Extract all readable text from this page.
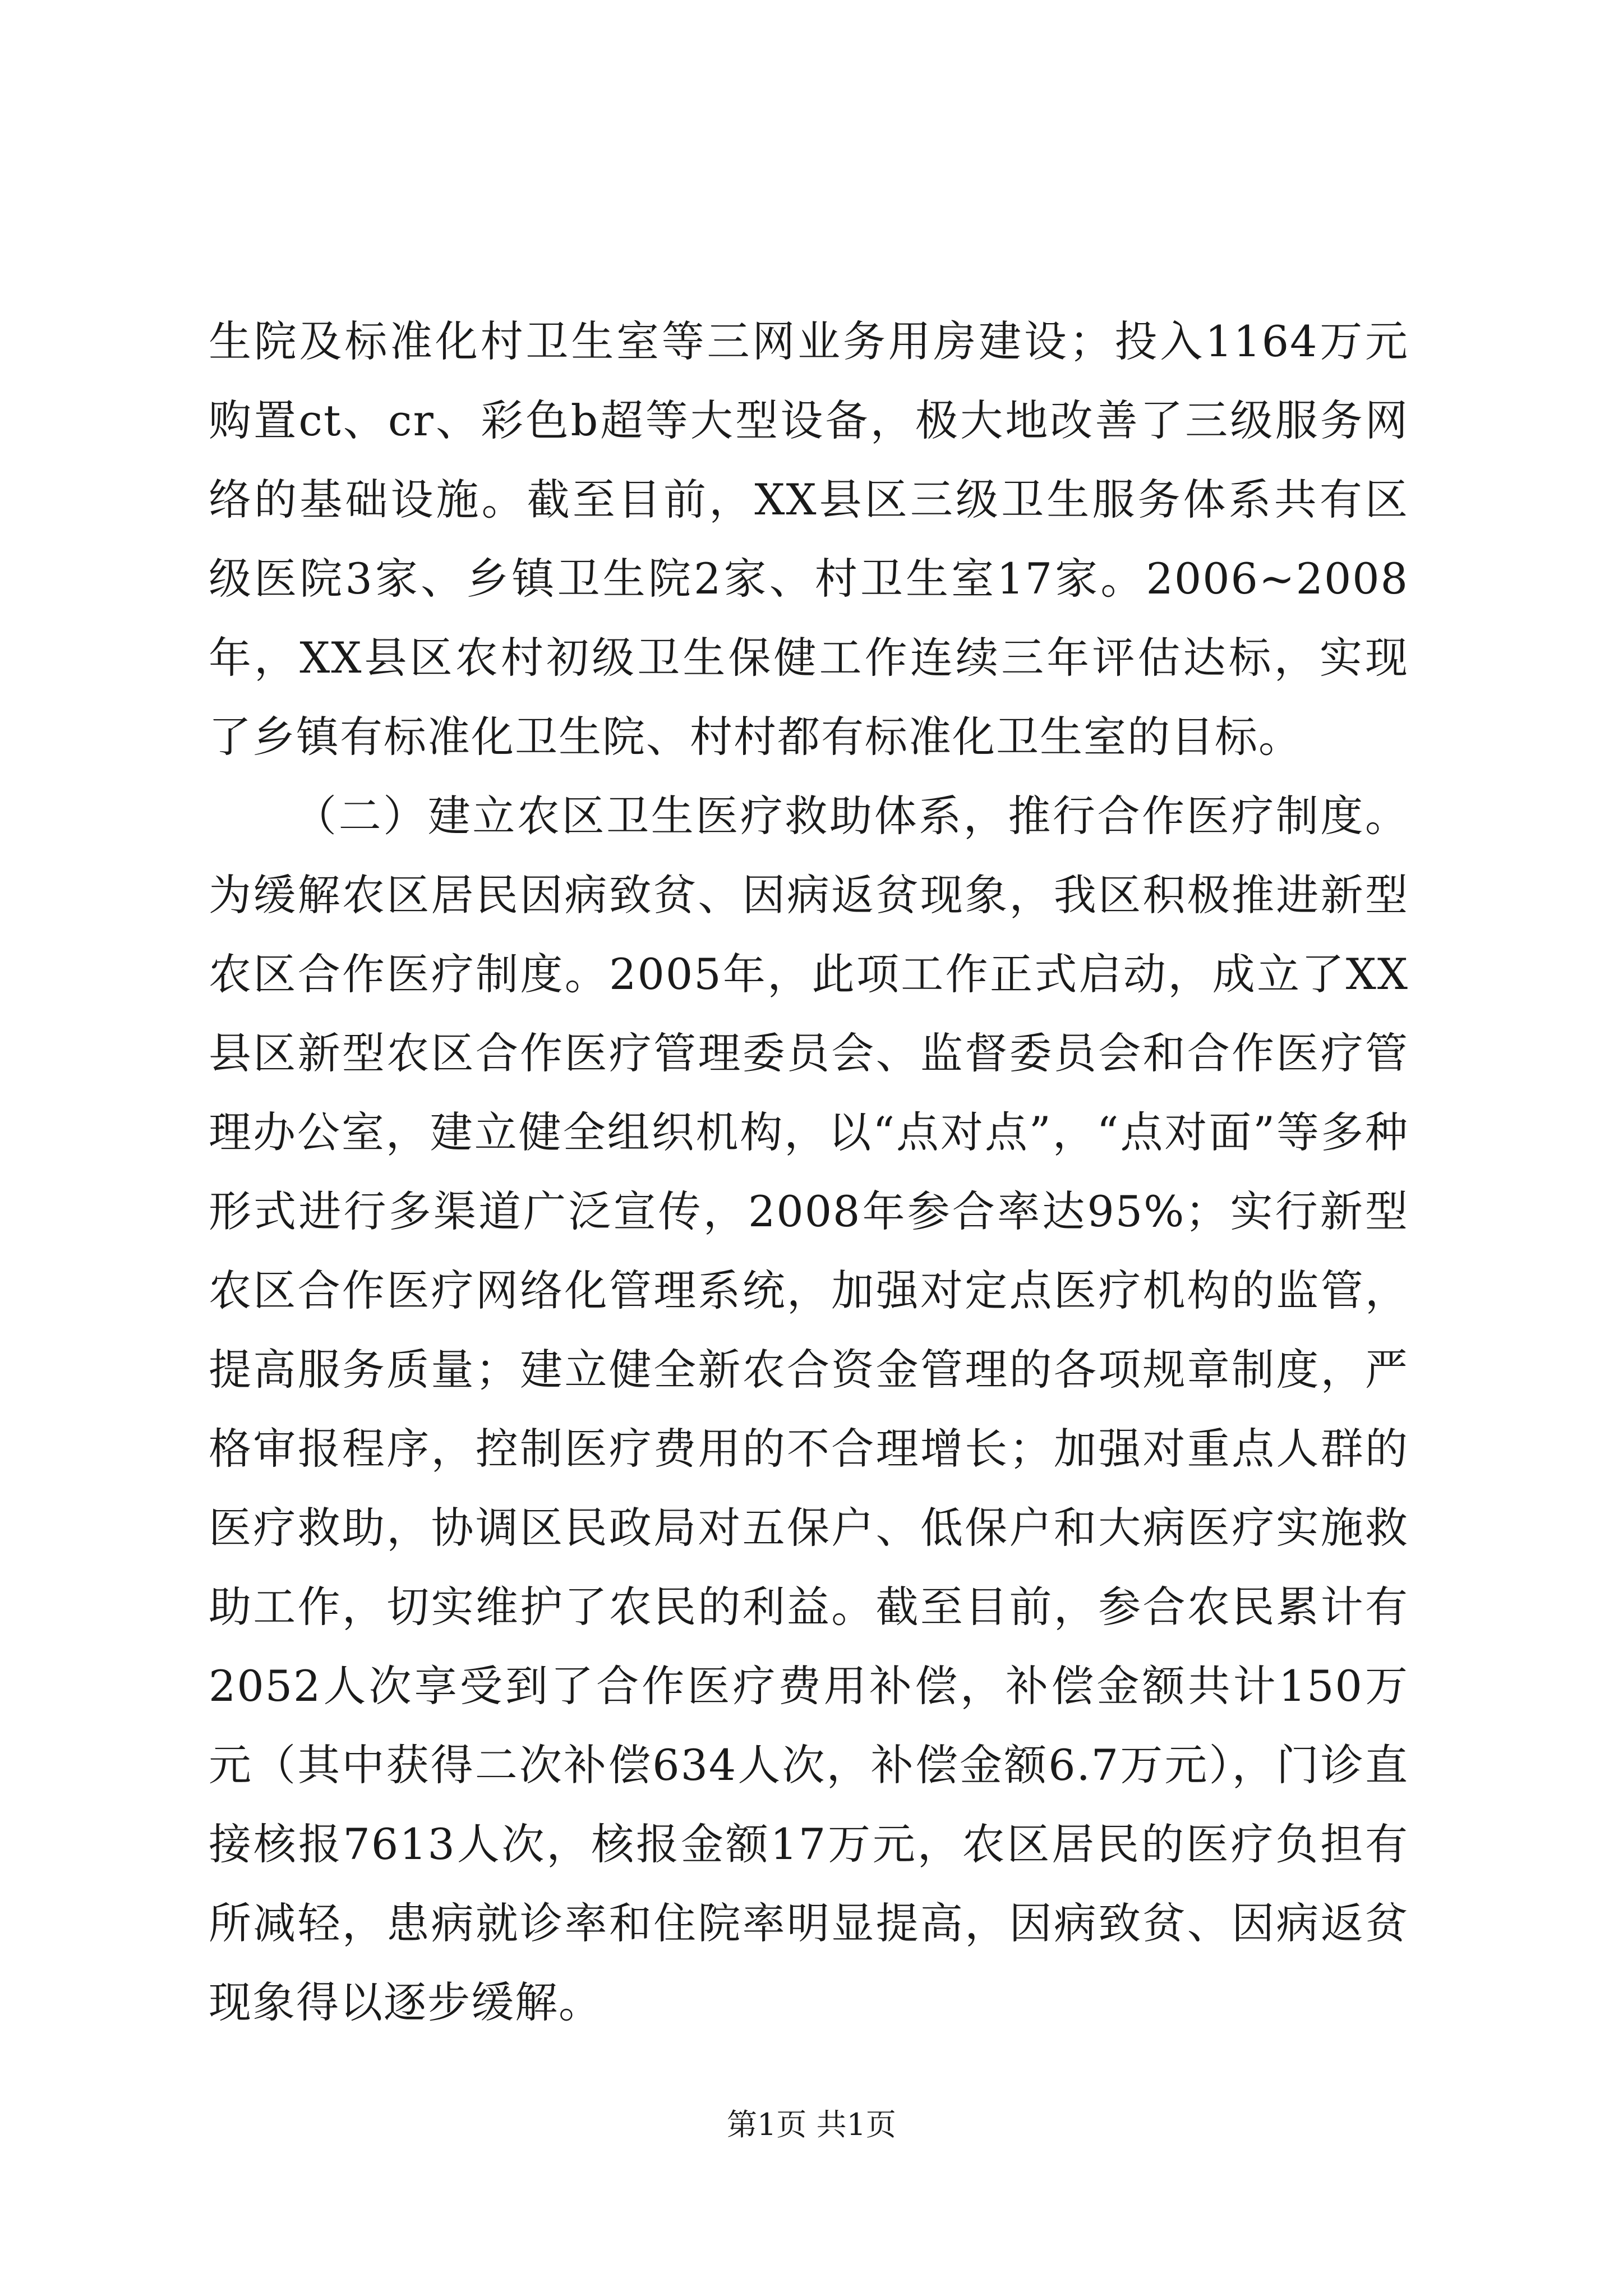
生院及标准化村卫生室等三网业务用房建设；投入1164万元购置ct、cr、彩色b超等大型设备，极大地改善了三级服务网络的基础设施。截至目前，XX县区三级卫生服务体系共有区级医院3家、乡镇卫生院2家、村卫生室17家。2006~2008年，XX县区农村初级卫生保健工作连续三年评估达标，实现了乡镇有标准化卫生院、村村都有标准化卫生室的目标。

（二）建立农区卫生医疗救助体系，推行合作医疗制度。为缓解农区居民因病致贫、因病返贫现象，我区积极推进新型农区合作医疗制度。2005年，此项工作正式启动，成立了XX县区新型农区合作医疗管理委员会、监督委员会和合作医疗管理办公室，建立健全组织机构，以“点对点”，“点对面”等多种形式进行多渠道广泛宣传，2008年参合率达95%；实行新型农区合作医疗网络化管理系统，加强对定点医疗机构的监管，提高服务质量；建立健全新农合资金管理的各项规章制度，严格审报程序，控制医疗费用的不合理增长；加强对重点人群的医疗救助，协调区民政局对五保户、低保户和大病医疗实施救助工作，切实维护了农民的利益。截至目前，参合农民累计有2052人次享受到了合作医疗费用补偿，补偿金额共计150万元（其中获得二次补偿634人次，补偿金额6.7万元），门诊直接核报7613人次，核报金额17万元，农区居民的医疗负担有所减轻，患病就诊率和住院率明显提高，因病致贫、因病返贫现象得以逐步缓解。

第1页 共1页
